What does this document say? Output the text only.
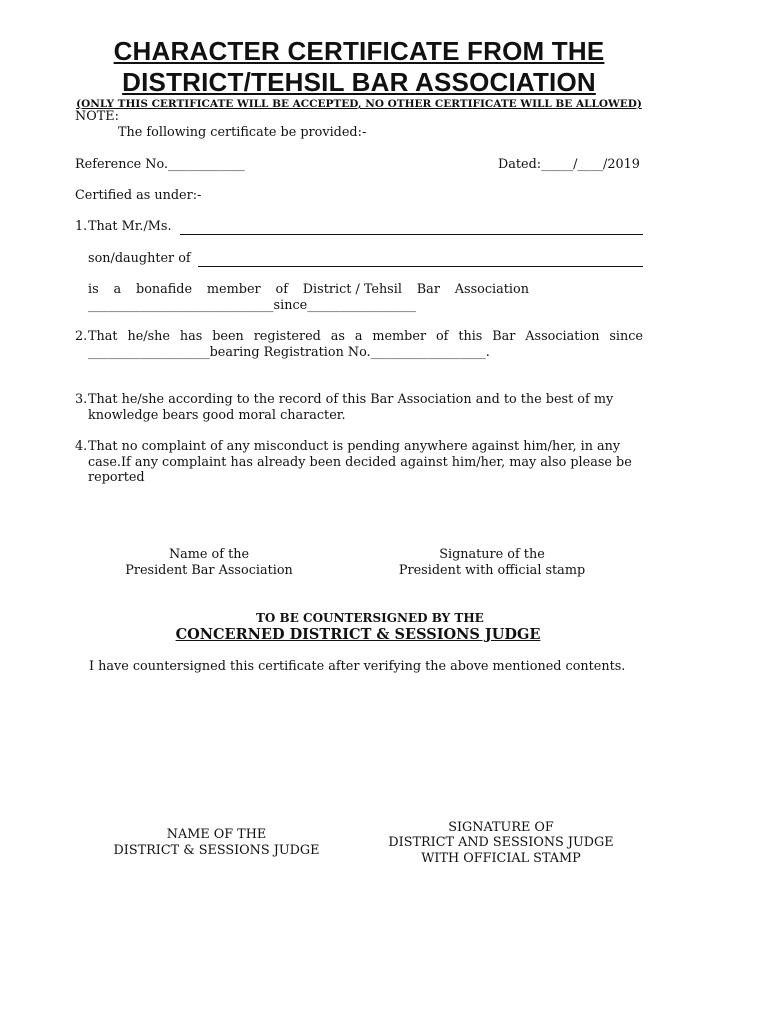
CHARACTER CERTIFICATE FROM THE
DISTRICT/TEHSIL BAR ASSOCIATION
(ONLY THIS CERTIFICATE WILL BE ACCEPTED, NO OTHER CERTIFICATE WILL BE ALLOWED)
NOTE:
The following certificate be provided:-
Reference No.____________	Dated:_____/____/2019
Certified as under:-
1. That Mr./Ms.
son/daughter of
is a bonafide member of District / Tehsil Bar Association
_____________________________since_________________
2. That he/she has been registered as a member of this Bar Association since
___________________bearing Registration No.__________________.
3. That he/she according to the record of this Bar Association and to the best of my
knowledge bears good moral character.
4. That no complaint of any misconduct is pending anywhere against him/her, in any
case.If any complaint has already been decided against him/her, may also please be
reported
Name of the
President Bar Association
Signature of the
President with official stamp
TO BE COUNTERSIGNED BY THE
CONCERNED DISTRICT & SESSIONS JUDGE
I have countersigned this certificate after verifying the above mentioned contents.
NAME OF THE
DISTRICT & SESSIONS JUDGE
SIGNATURE OF
DISTRICT AND SESSIONS JUDGE
WITH OFFICIAL STAMP
